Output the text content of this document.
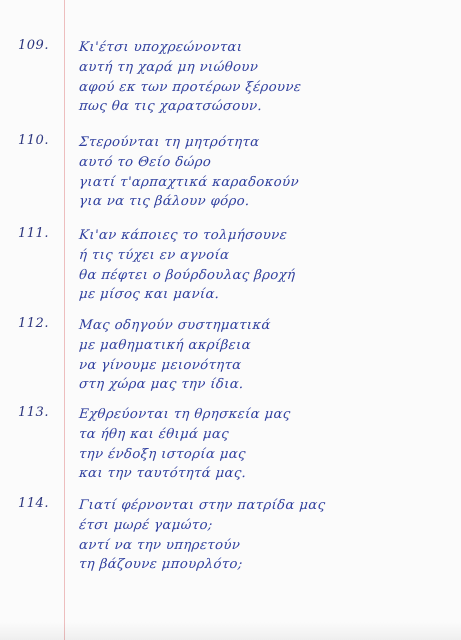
109. Κι'έτσι υποχρεώνονται
αυτή τη χαρά μη νιώθουν
αφού εκ των προτέρων ξέρουνε
πως θα τις χαρατσώσουν.
110. Στερούνται τη μητρότητα
αυτό το Θείο δώρο
γιατί τ'αρπαχτικά καραδοκούν
για να τις βάλουν φόρο.
111. Κι'αν κάποιες το τολμήσουνε
ή τις τύχει εν αγνοία
θα πέφτει ο βούρδουλας βροχή
με μίσος και μανία.
112. Μας οδηγούν συστηματικά
με μαθηματική ακρίβεια
να γίνουμε μειονότητα
στη χώρα μας την ίδια.
113. Εχθρεύονται τη θρησκεία μας
τα ήθη και έθιμά μας
την ένδοξη ιστορία μας
και την ταυτότητά μας.
114. Γιατί φέρνονται στην πατρίδα μας
έτσι μωρέ γαμώτο;
αντί να την υπηρετούν
τη βάζουνε μπουρλότο;
